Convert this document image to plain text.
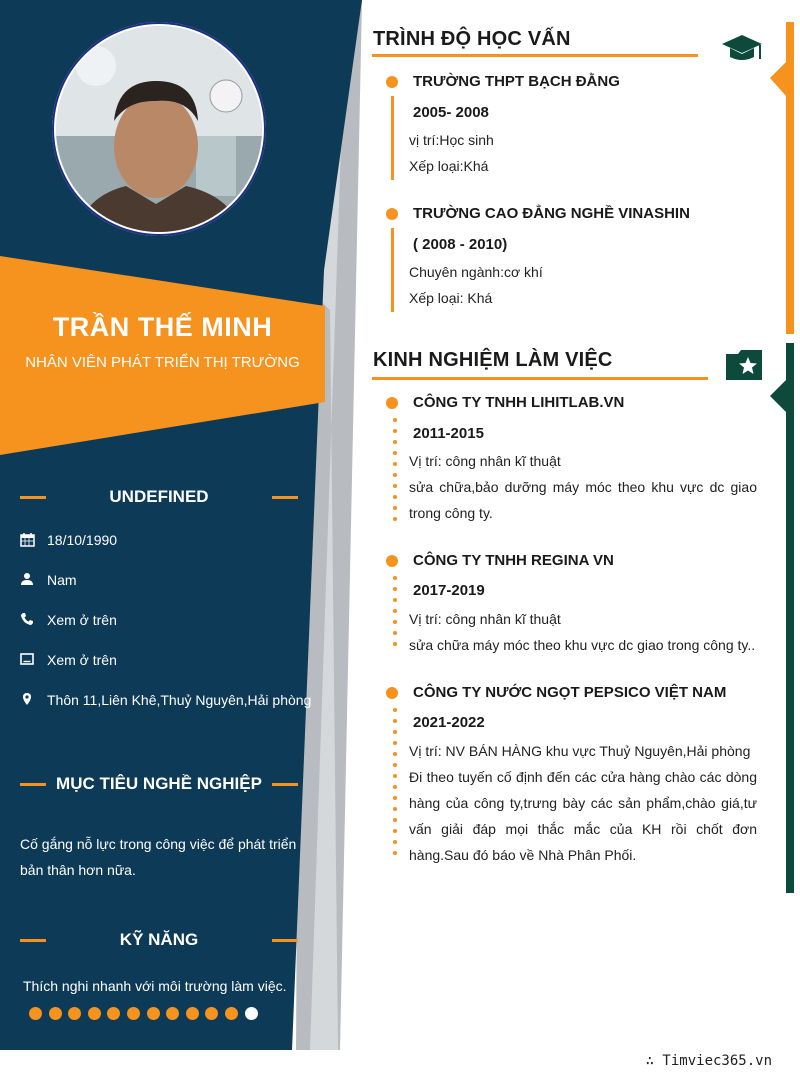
TRẦN THẾ MINH
NHÂN VIÊN PHÁT TRIỂN THỊ TRƯỜNG
UNDEFINED
18/10/1990
Nam
Xem ở trên
Xem ở trên
Thôn 11,Liên Khê,Thuỷ Nguyên,Hải phòng
MỤC TIÊU NGHỀ NGHIỆP
Cố gắng nỗ lực trong công việc để phát triển bản thân hơn nữa.
KỸ NĂNG
Thích nghi nhanh với môi trường làm việc.
TRÌNH ĐỘ HỌC VẤN
TRƯỜNG THPT BẠCH ĐẰNG
2005- 2008
vị trí:Học sinh
Xếp loại:Khá
TRƯỜNG CAO ĐẲNG NGHỀ VINASHIN
( 2008 - 2010)
Chuyên ngành:cơ khí
Xếp loại: Khá
KINH NGHIỆM LÀM VIỆC
CÔNG TY TNHH LIHITLAB.VN
2011-2015
Vị trí: công nhân kĩ thuật
sửa chữa,bảo dưỡng máy móc theo khu vực dc giao trong công ty.
CÔNG TY TNHH REGINA VN
2017-2019
Vị trí: công nhân kĩ thuật
sửa chữa máy móc theo khu vực dc giao trong công ty..
CÔNG TY NƯỚC NGỌT PEPSICO VIỆT NAM
2021-2022
Vị trí: NV BÁN HÀNG khu vực Thuỷ Nguyên,Hải phòng
Đi theo tuyến cố định đến các cửa hàng chào các dòng hàng của công ty,trưng bày các sản phẩm,chào giá,tư vấn giải đáp mọi thắc mắc của KH rồi chốt đơn hàng.Sau đó báo về Nhà Phân Phối.
∴ Timviec365.vn
